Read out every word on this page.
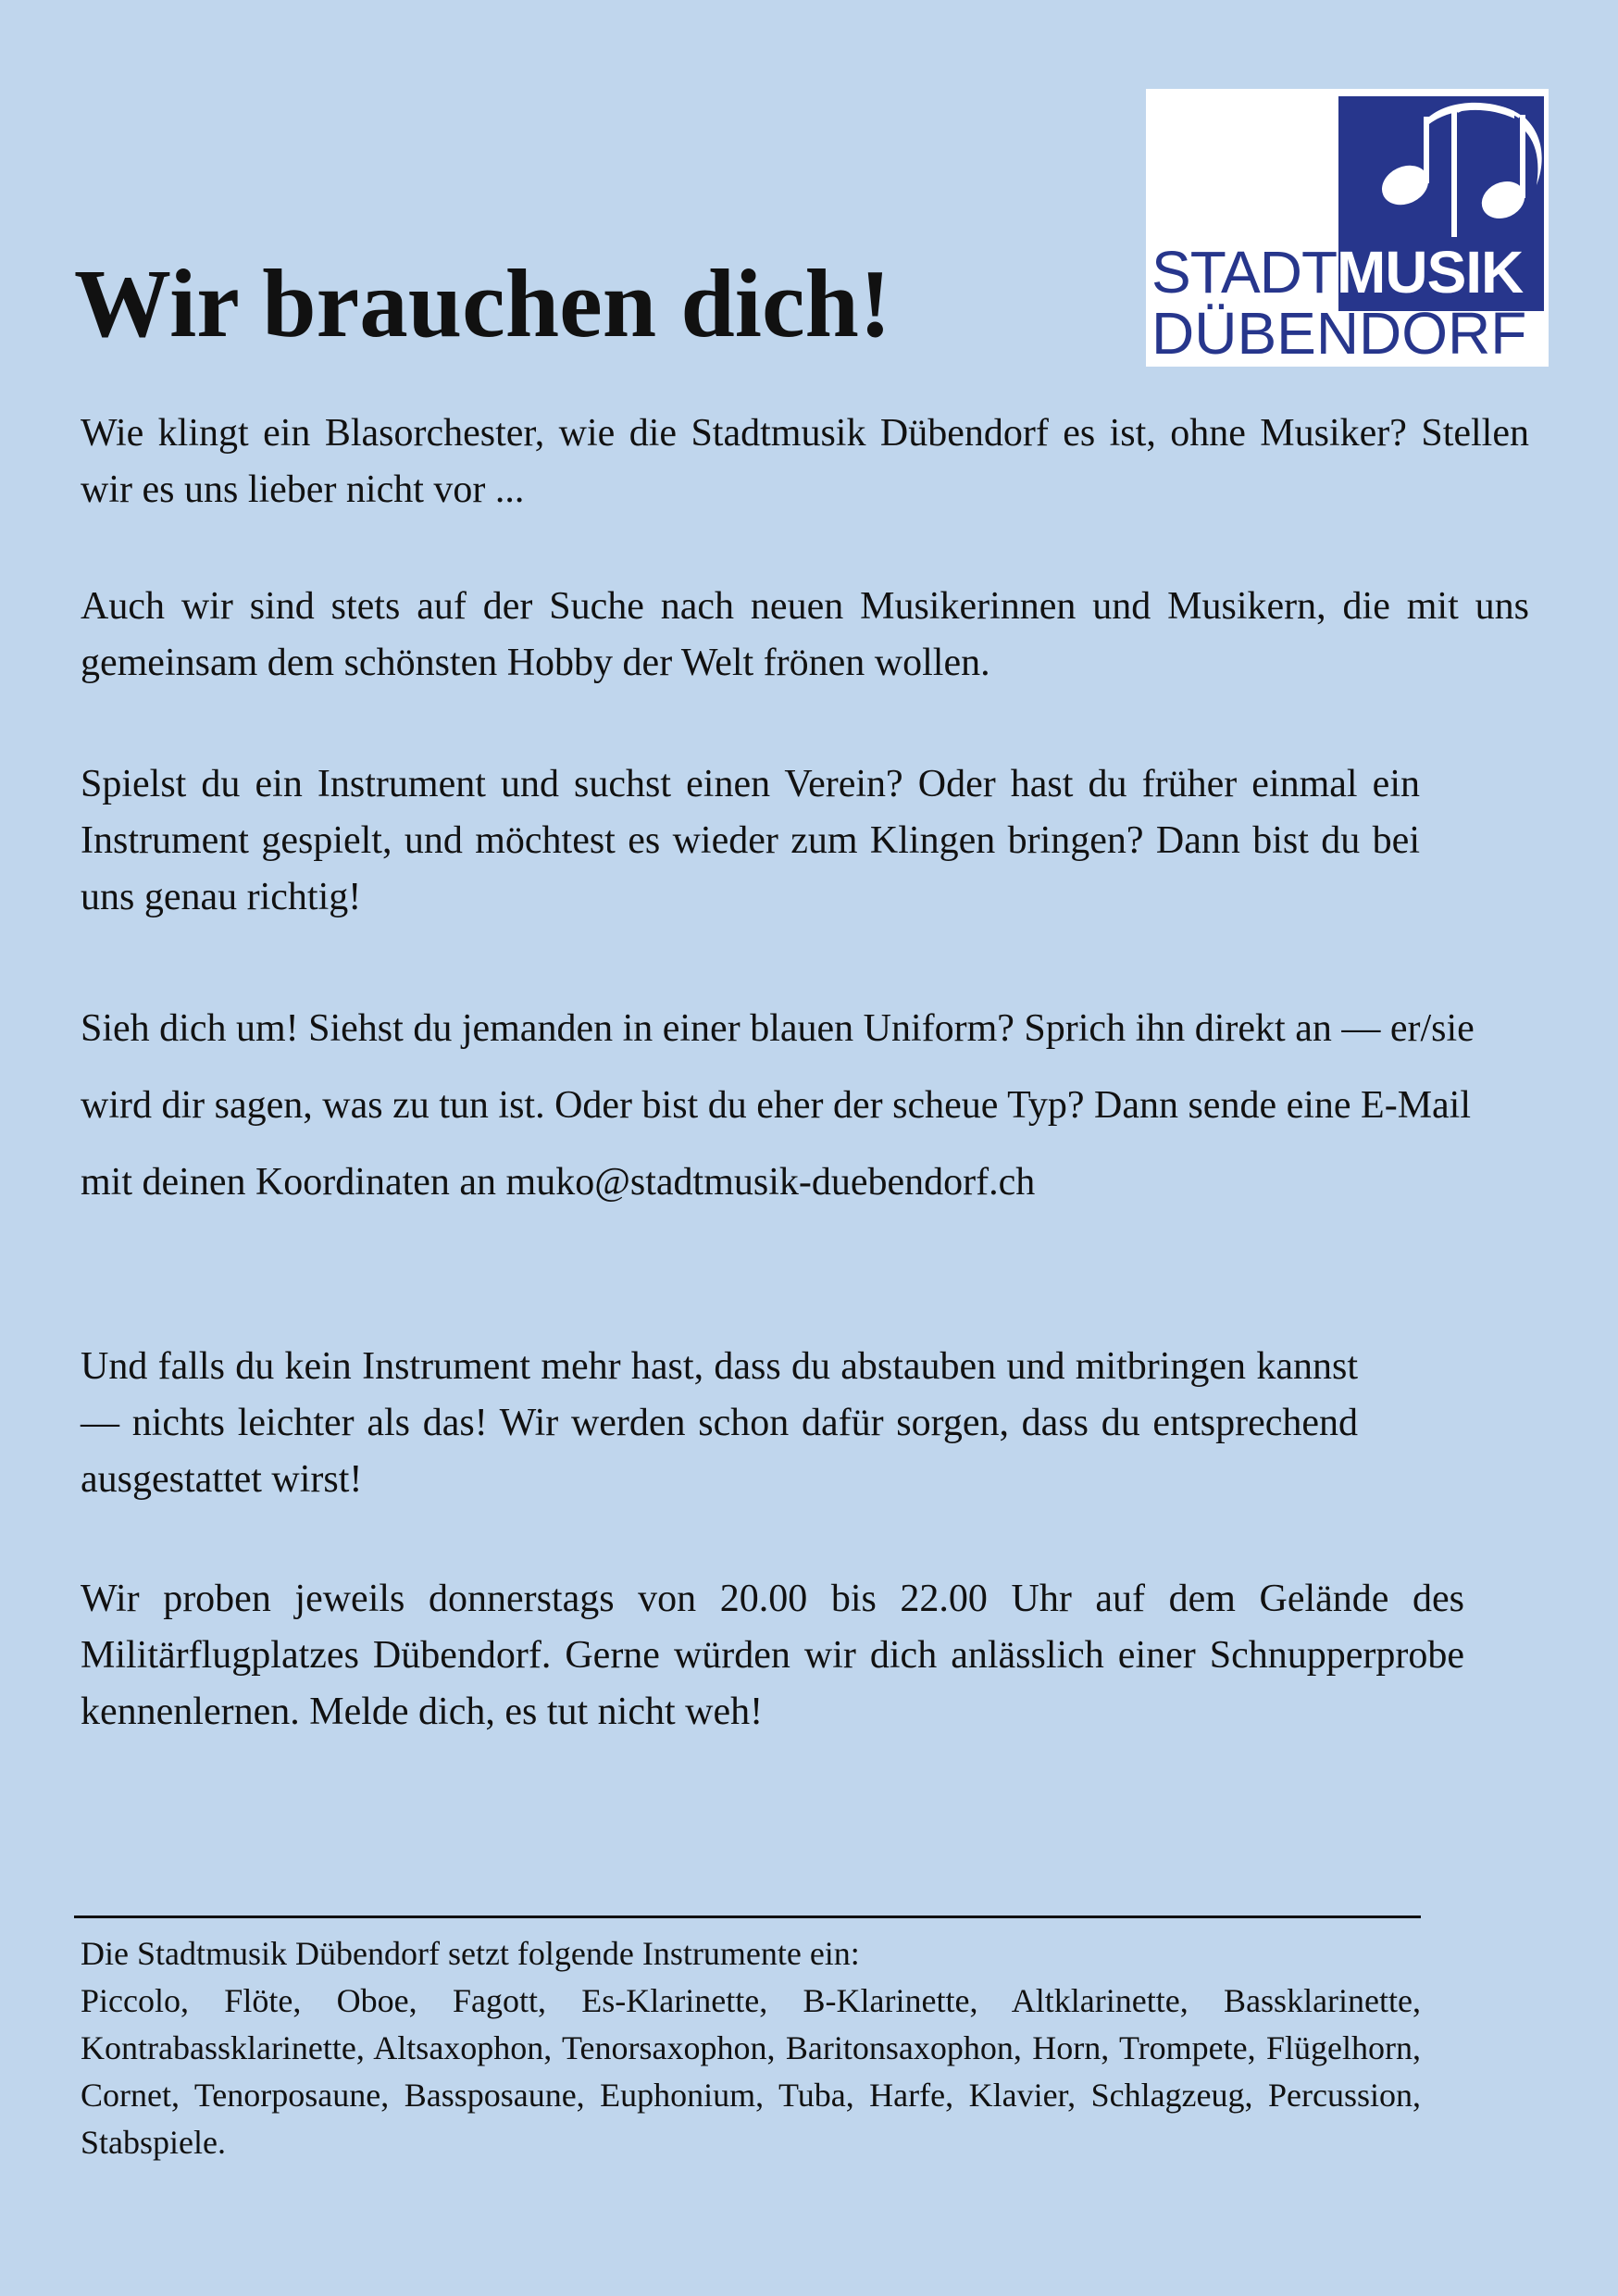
STADTMUSIK
DÜBENDORF
Wir brauchen dich!

Wie klingt ein Blasorchester, wie die Stadtmusik Dübendorf es ist, ohne Musiker? Stellen wir es uns lieber nicht vor ...

Auch wir sind stets auf der Suche nach neuen Musikerinnen und Musikern, die mit uns gemeinsam dem schönsten Hobby der Welt frönen wollen.

Spielst du ein Instrument und suchst einen Verein? Oder hast du früher einmal ein Instrument gespielt, und möchtest es wieder zum Klingen bringen? Dann bist du bei uns genau richtig!

Sieh dich um! Siehst du jemanden in einer blauen Uniform? Sprich ihn direkt an — er/sie wird dir sagen, was zu tun ist. Oder bist du eher der scheue Typ? Dann sende eine E-Mail mit deinen Koordinaten an muko@stadtmusik-duebendorf.ch

Und falls du kein Instrument mehr hast, dass du abstauben und mitbringen kannst — nichts leichter als das! Wir werden schon dafür sorgen, dass du entsprechend ausgestattet wirst!

Wir proben jeweils donnerstags von 20.00 bis 22.00 Uhr auf dem Gelände des Militärflugplatzes Dübendorf. Gerne würden wir dich anlässlich einer Schnupperprobe kennenlernen. Melde dich, es tut nicht weh!

Die Stadtmusik Dübendorf setzt folgende Instrumente ein:

Piccolo, Flöte, Oboe, Fagott, Es-Klarinette, B-Klarinette, Altklarinette, Bassklarinette, Kontrabassklarinette, Altsaxophon, Tenorsaxophon, Baritonsaxophon, Horn, Trompete, Flügelhorn, Cornet, Tenorposaune, Bassposaune, Euphonium, Tuba, Harfe, Klavier, Schlagzeug, Percussion, Stabspiele.
